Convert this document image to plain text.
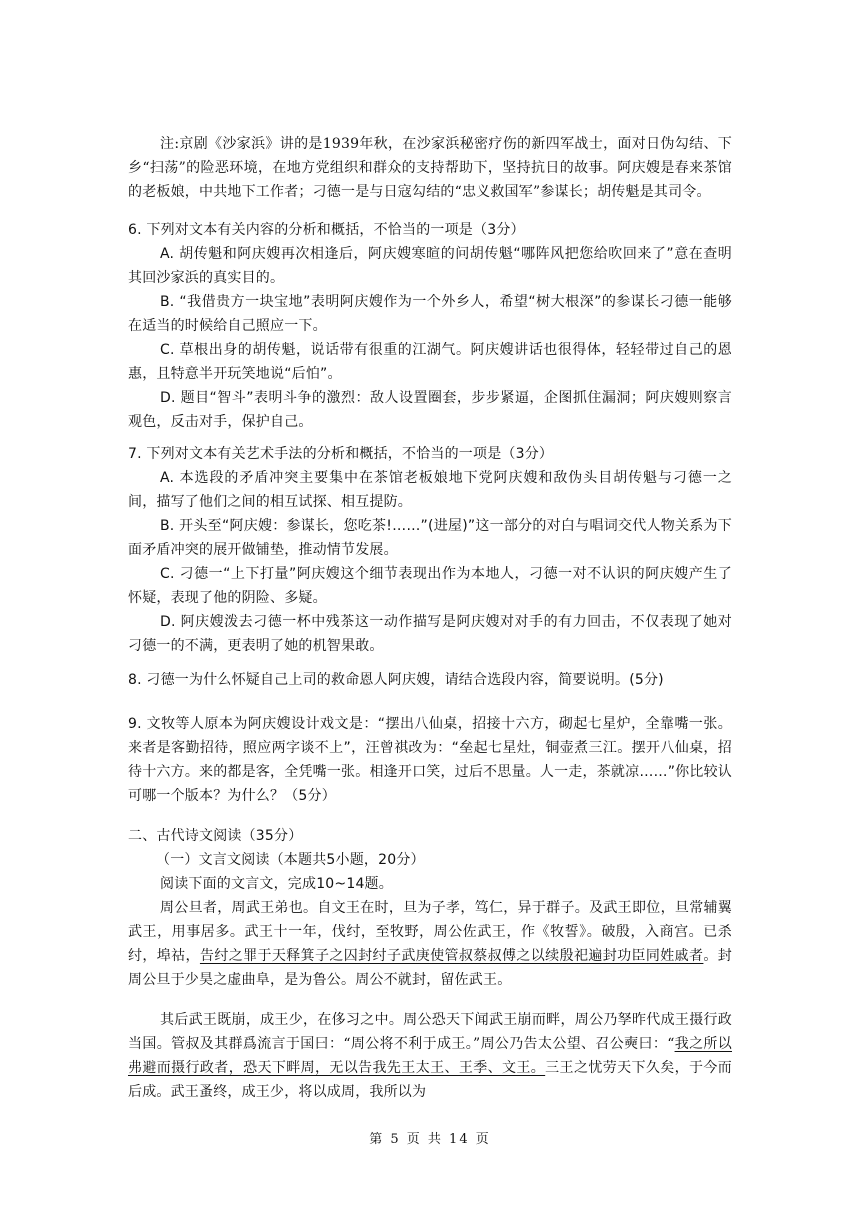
注:京剧《沙家浜》讲的是1939年秋，在沙家浜秘密疗伤的新四军战士，面对日伪勾结、下乡“扫荡”的险恶环境，在地方党组织和群众的支持帮助下，坚持抗日的故事。阿庆嫂是春来茶馆的老板娘，中共地下工作者；刁德一是与日寇勾结的“忠义救国军”参谋长；胡传魁是其司令。
6. 下列对文本有关内容的分析和概括，不恰当的一项是（3分）
A. 胡传魁和阿庆嫂再次相逢后，阿庆嫂寒暄的问胡传魁“哪阵风把您给吹回来了”意在查明其回沙家浜的真实目的。
B. “我借贵方一块宝地”表明阿庆嫂作为一个外乡人，希望“树大根深”的参谋长刁德一能够在适当的时候给自己照应一下。
C. 草根出身的胡传魁，说话带有很重的江湖气。阿庆嫂讲话也很得体，轻轻带过自己的恩惠，且特意半开玩笑地说“后怕”。
D. 题目“智斗”表明斗争的激烈：敌人设置圈套，步步紧逼，企图抓住漏洞；阿庆嫂则察言观色，反击对手，保护自己。
7. 下列对文本有关艺术手法的分析和概括，不恰当的一项是（3分）
A. 本选段的矛盾冲突主要集中在茶馆老板娘地下党阿庆嫂和敌伪头目胡传魁与刁德一之间，描写了他们之间的相互试探、相互提防。
B. 开头至“阿庆嫂：参谋长，您吃茶!……”(进屋)”这一部分的对白与唱词交代人物关系为下面矛盾冲突的展开做铺垫，推动情节发展。
C. 刁德一“上下打量”阿庆嫂这个细节表现出作为本地人，刁德一对不认识的阿庆嫂产生了怀疑，表现了他的阴险、多疑。
D. 阿庆嫂泼去刁德一杯中残茶这一动作描写是阿庆嫂对对手的有力回击，不仅表现了她对刁德一的不满，更表明了她的机智果敢。
8. 刁德一为什么怀疑自己上司的救命恩人阿庆嫂，请结合选段内容，简要说明。(5分)
9. 文牧等人原本为阿庆嫂设计戏文是：“摆出八仙桌，招接十六方，砌起七星炉，全靠嘴一张。来者是客勤招待，照应两字谈不上”，汪曾祺改为：“垒起七星灶，铜壶煮三江。摆开八仙桌，招待十六方。来的都是客，全凭嘴一张。相逢开口笑，过后不思量。人一走，茶就凉……”你比较认可哪一个版本？为什么？（5分）
二、古代诗文阅读（35分）
（一）文言文阅读（本题共5小题，20分）
阅读下面的文言文，完成10~14题。
周公旦者，周武王弟也。自文王在时，旦为子孝，笃仁，异于群子。及武王即位，旦常辅翼武王，用事居多。武王十一年，伐纣，至牧野，周公佐武王，作《牧誓》。破殷，入商宫。已杀纣，埠祜，告纣之罪于天释箕子之囚封纣子武庚使管叔蔡叔傅之以续殷祀遍封功臣同姓戚者。封周公旦于少昊之虚曲阜，是为鲁公。周公不就封，留佐武王。
其后武王既崩，成王少，在侈习之中。周公恐天下闻武王崩而畔，周公乃孥昨代成王摄行政当国。管叔及其群爲流言于国曰：“周公将不利于成王。”周公乃告太公望、召公奭曰：“我之所以弗避而摄行政者，恐天下畔周，无以告我先王太王、王季、文王。三王之忧劳天下久矣，于今而后成。武王蚤终，成王少，将以成周，我所以为
第 5 页 共 14 页
